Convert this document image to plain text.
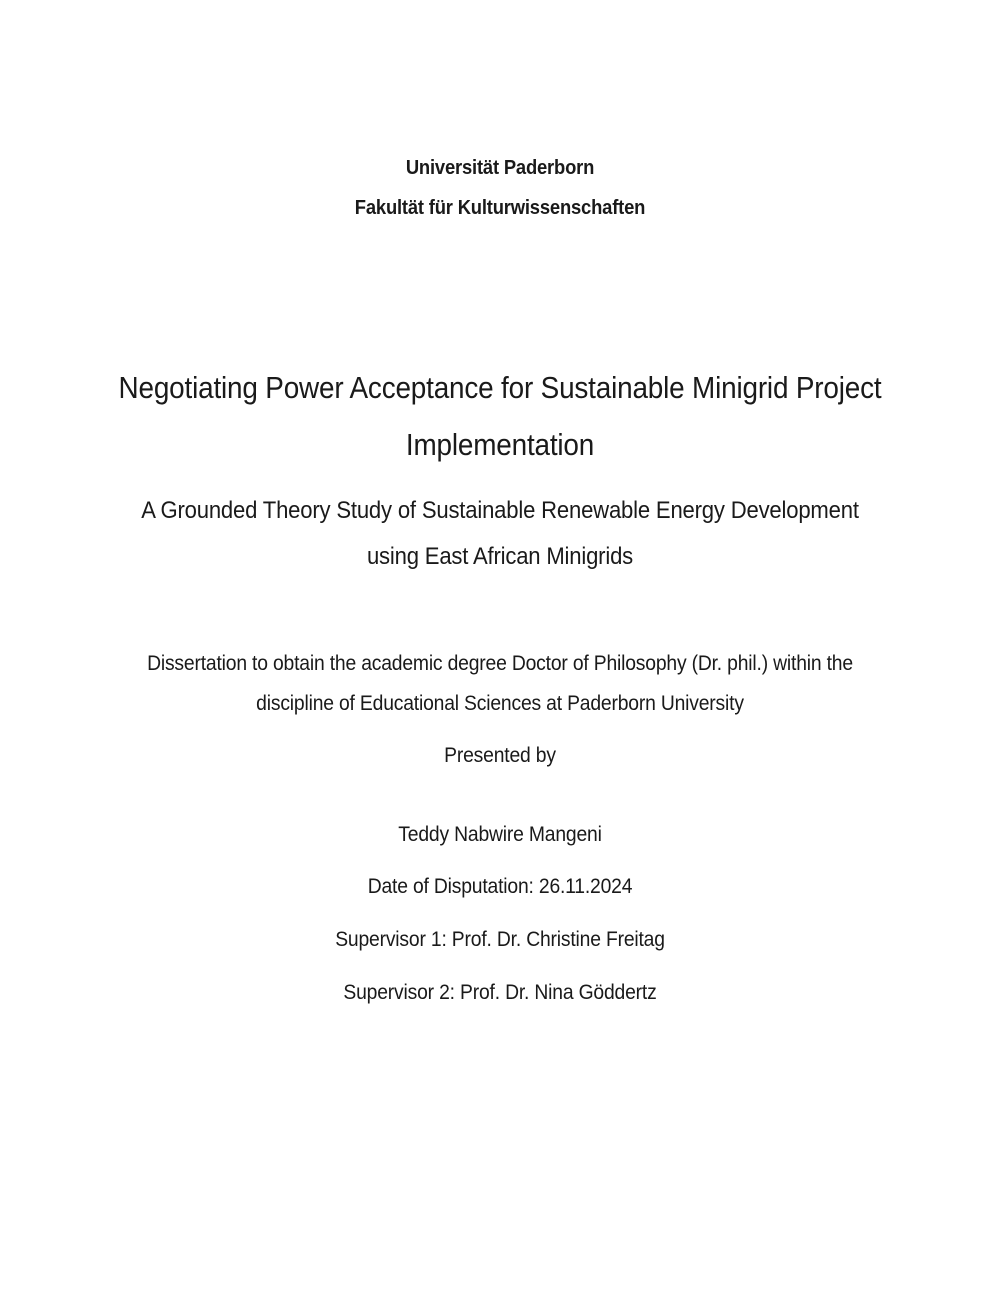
Universität Paderborn
Fakultät für Kulturwissenschaften
Negotiating Power Acceptance for Sustainable Minigrid Project
Implementation
A Grounded Theory Study of Sustainable Renewable Energy Development
using East African Minigrids
Dissertation to obtain the academic degree Doctor of Philosophy (Dr. phil.) within the
discipline of Educational Sciences at Paderborn University
Presented by
Teddy Nabwire Mangeni
Date of Disputation: 26.11.2024
Supervisor 1: Prof. Dr. Christine Freitag
Supervisor 2: Prof. Dr. Nina Göddertz
